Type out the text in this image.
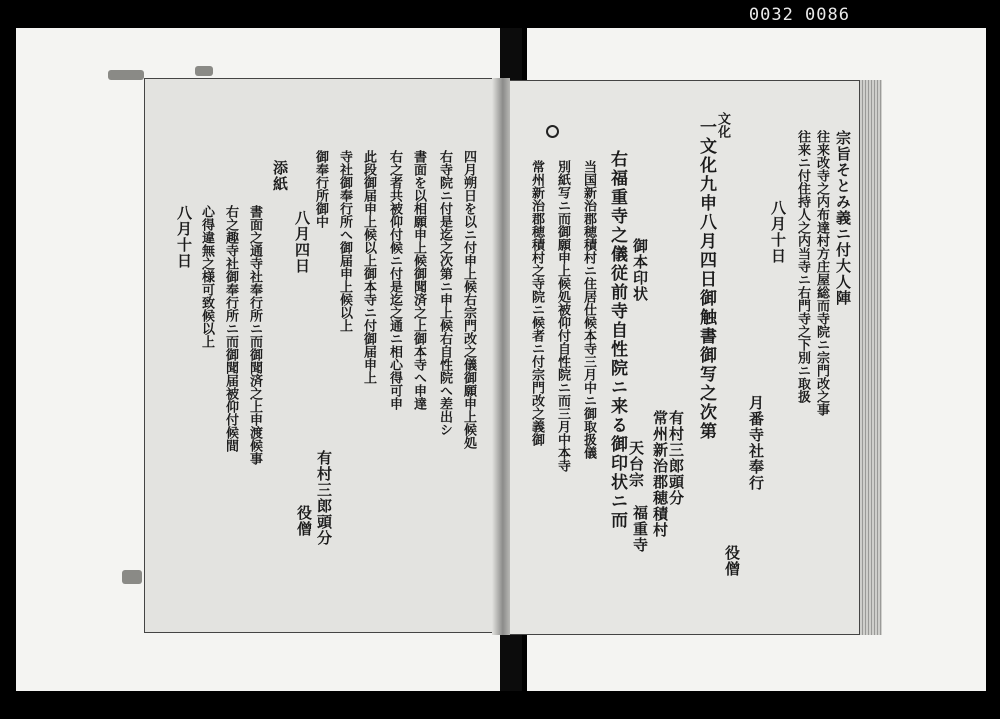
0032 0086
宗旨そとみ義ニ付大人陣
往来改寺之内布達村方庄屋総而寺院ニ宗門改之事
往来ニ付住持人之内当寺ニ右門寺之下別ニ取扱
八月十日
月番寺社奉行
役僧
一文化九申八月四日御触書御写之次第 文化
御本印状
有村三郎頭分
常州新治郡穂積村
天台宗
福重寺
右福重寺之儀従前寺自性院ニ来る御印状ニ而
当国新治郡穂積村ニ住居仕候本寺三月中ニ御取扱儀
別紙写ニ而御願申上候処被仰付自性院ニ而三月中本寺
常州新治郡穂積村之寺院ニ候者ニ付宗門改之義御
四月朔日を以ニ付申上候右宗門改之儀御願申上候処
右寺院ニ付是迄之次第ニ申上候右自性院へ差出シ
書面を以相願申上候御聞済之上御本寺へ申達
右之者共被仰付候ニ付是迄之通ニ相心得可申
此段御届申上候以上御本寺ニ付御届申上
寺社御奉行所へ御届申上候以上
御奉行所御中
八月四日
有村三郎頭分
役僧
添紙
書面之通寺社奉行所ニ而御聞済之上申渡候事
右之趣寺社御奉行所ニ而御聞届被仰付候間
心得違無之様可致候以上
八月十日
